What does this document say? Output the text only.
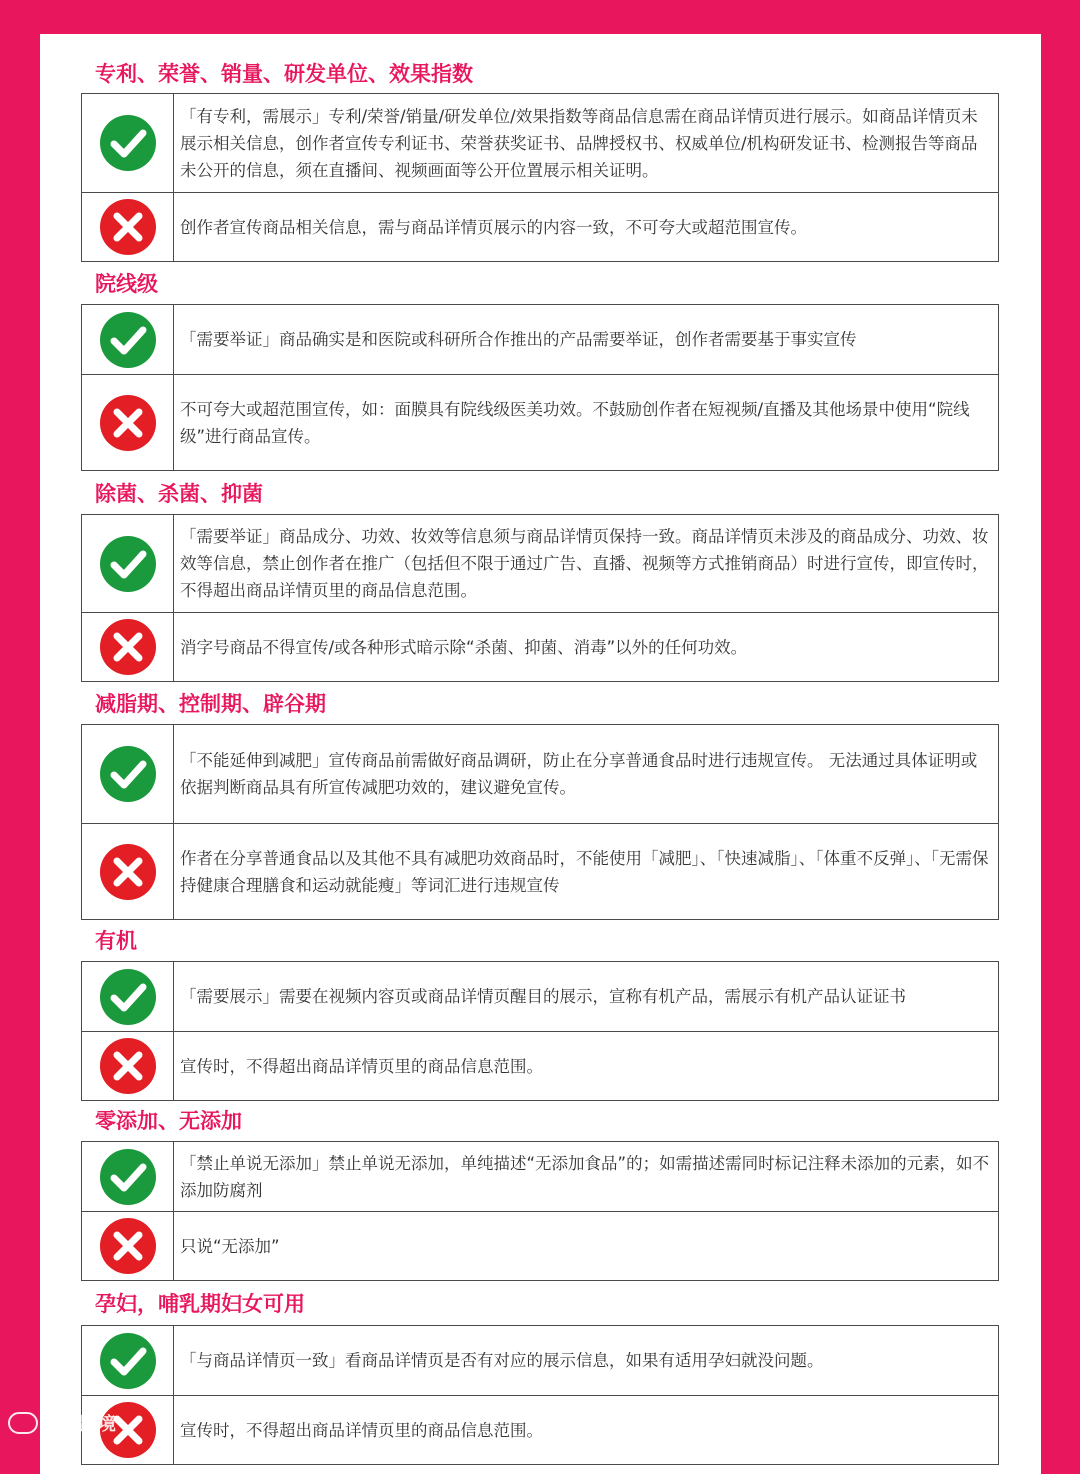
专利、荣誉、销量、研发单位、效果指数
「有专利，需展示」专利/荣誉/销量/研发单位/效果指数等商品信息需在商品详情页进行展示。如商品详情页未展示相关信息，创作者宣传专利证书、荣誉获奖证书、品牌授权书、权威单位/机构研发证书、检测报告等商品未公开的信息，须在直播间、视频画面等公开位置展示相关证明。
创作者宣传商品相关信息，需与商品详情页展示的内容一致，不可夸大或超范围宣传。
院线级
「需要举证」商品确实是和医院或科研所合作推出的产品需要举证，创作者需要基于事实宣传
不可夸大或超范围宣传，如：面膜具有院线级医美功效。不鼓励创作者在短视频/直播及其他场景中使用“院线级”进行商品宣传。
除菌、杀菌、抑菌
「需要举证」商品成分、功效、妆效等信息须与商品详情页保持一致。商品详情页未涉及的商品成分、功效、妆效等信息，禁止创作者在推广（包括但不限于通过广告、直播、视频等方式推销商品）时进行宣传，即宣传时，不得超出商品详情页里的商品信息范围。
消字号商品不得宣传/或各种形式暗示除“杀菌、抑菌、消毒”以外的任何功效。
减脂期、控制期、辟谷期
「不能延伸到减肥」宣传商品前需做好商品调研，防止在分享普通食品时进行违规宣传。 无法通过具体证明或依据判断商品具有所宣传减肥功效的，建议避免宣传。
作者在分享普通食品以及其他不具有减肥功效商品时，不能使用「减肥」、「快速减脂」、「体重不反弹」、「无需保持健康合理膳食和运动就能瘦」等词汇进行违规宣传
有机
「需要展示」需要在视频内容页或商品详情页醒目的展示，宣称有机产品，需展示有机产品认证证书
宣传时，不得超出商品详情页里的商品信息范围。
零添加、无添加
「禁止单说无添加」禁止单说无添加，单纯描述“无添加食品”的；如需描述需同时标记注释未添加的元素，如不添加防腐剂
只说“无添加”
孕妇，哺乳期妇女可用
「与商品详情页一致」看商品详情页是否有对应的展示信息，如果有适用孕妇就没问题。
宣传时，不得超出商品详情页里的商品信息范围。
大数跨境
